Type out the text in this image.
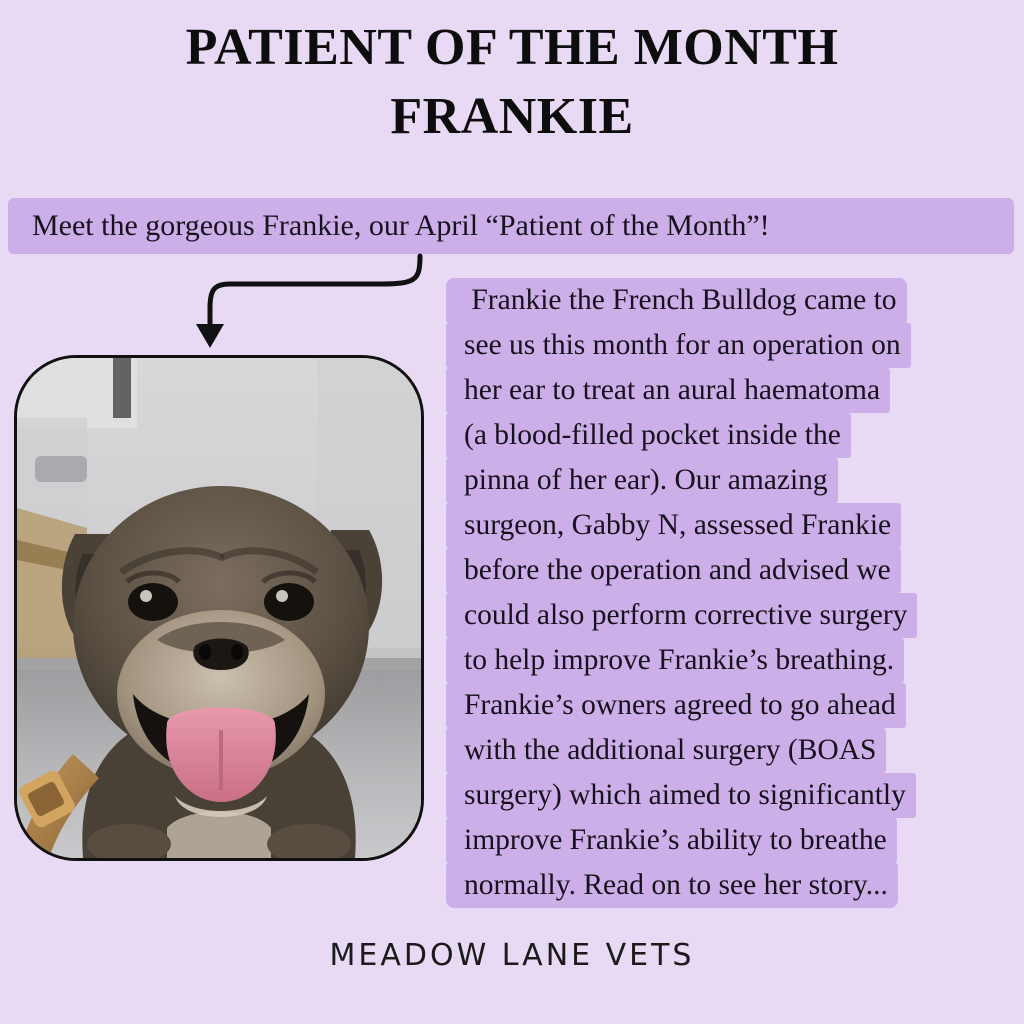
PATIENT OF THE MONTH
FRANKIE
Meet the gorgeous Frankie, our April “Patient of the Month”!
Frankie the French Bulldog came to
see us this month for an operation on
her ear to treat an aural haematoma
(a blood-filled pocket inside the
pinna of her ear). Our amazing
surgeon, Gabby N, assessed Frankie
before the operation and advised we
could also perform corrective surgery
to help improve Frankie’s breathing.
Frankie’s owners agreed to go ahead
with the additional surgery (BOAS
surgery) which aimed to significantly
improve Frankie’s ability to breathe
normally. Read on to see her story...
MEADOW LANE VETS
